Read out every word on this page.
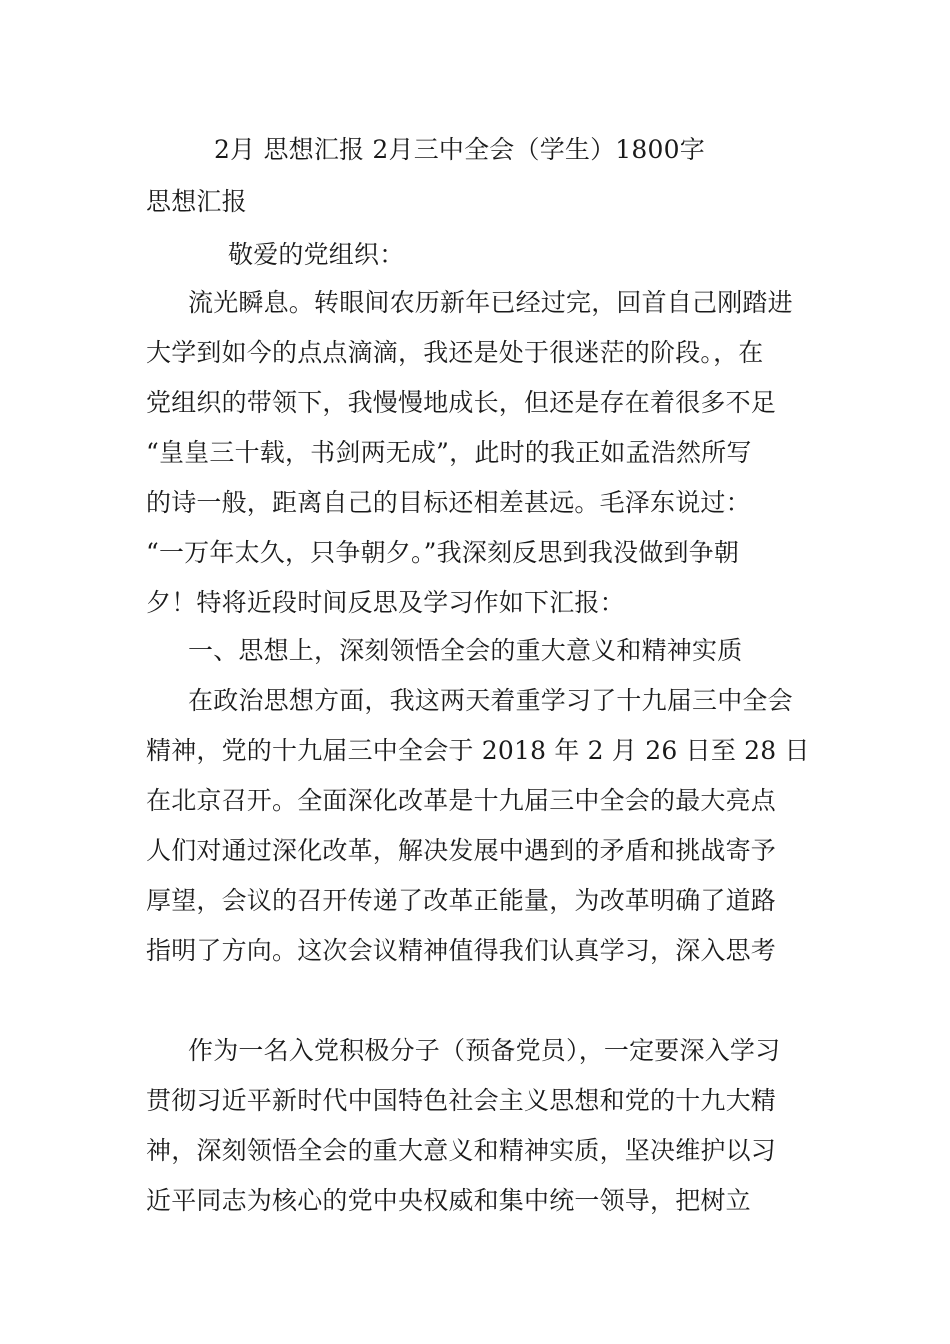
2月 思想汇报 2月三中全会（学生）1800字
思想汇报
敬爱的党组织：
流光瞬息。转眼间农历新年已经过完，回首自己刚踏进
大学到如今的点点滴滴，我还是处于很迷茫的阶段。，在
党组织的带领下，我慢慢地成长，但还是存在着很多不足
“皇皇三十载，书剑两无成”，此时的我正如孟浩然所写
的诗一般，距离自己的目标还相差甚远。毛泽东说过：
“一万年太久，只争朝夕。”我深刻反思到我没做到争朝
夕！特将近段时间反思及学习作如下汇报：
一、思想上，深刻领悟全会的重大意义和精神实质
在政治思想方面，我这两天着重学习了十九届三中全会
精神，党的十九届三中全会于 2018 年 2 月 26 日至 28 日
在北京召开。全面深化改革是十九届三中全会的最大亮点
人们对通过深化改革，解决发展中遇到的矛盾和挑战寄予
厚望，会议的召开传递了改革正能量，为改革明确了道路
指明了方向。这次会议精神值得我们认真学习，深入思考
作为一名入党积极分子（预备党员），一定要深入学习
贯彻习近平新时代中国特色社会主义思想和党的十九大精
神，深刻领悟全会的重大意义和精神实质，坚决维护以习
近平同志为核心的党中央权威和集中统一领导，把树立
